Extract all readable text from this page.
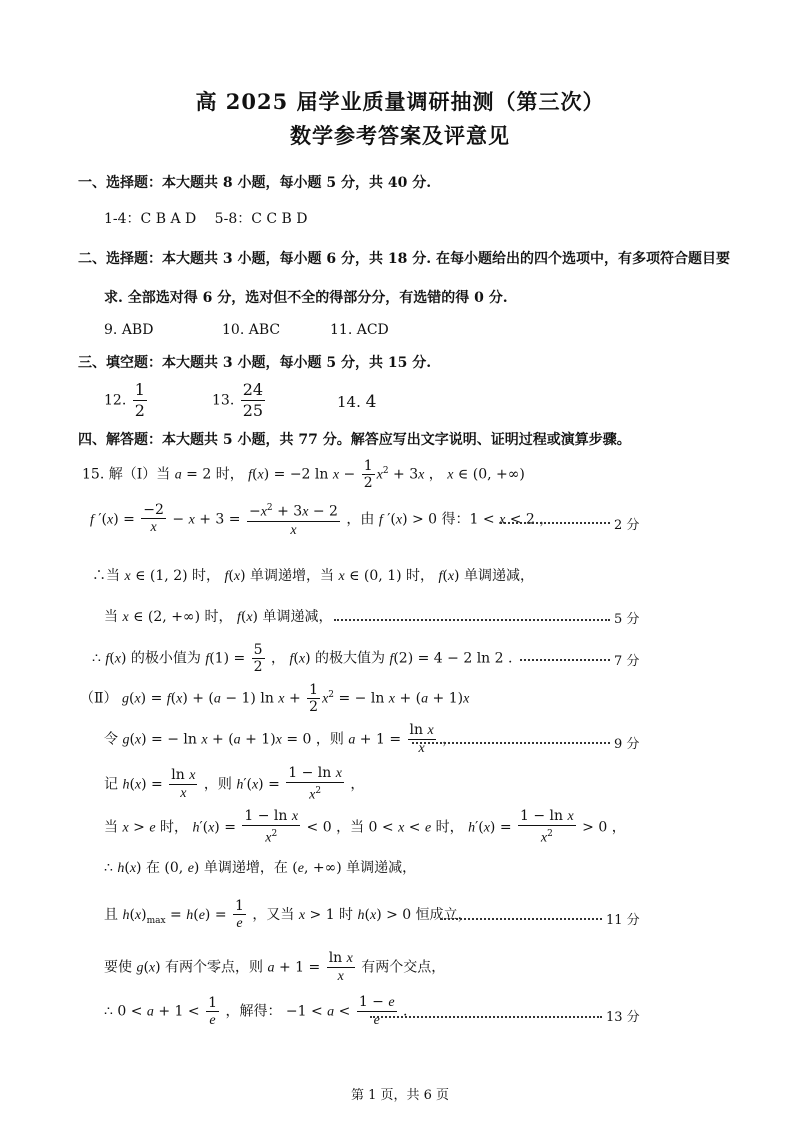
高 2025 届学业质量调研抽测（第三次）
数学参考答案及评意见
一、选择题：本大题共 8 小题，每小题 5 分，共 40 分.
1-4：C B A D　 5-8：C C B D
二、选择题：本大题共 3 小题，每小题 6 分，共 18 分. 在每小题给出的四个选项中，有多项符合题目要
求. 全部选对得 6 分，选对但不全的得部分分，有选错的得 0 分.
9. ABD	10. ABC	11. ACD
三、填空题：本大题共 3 小题，每小题 5 分，共 15 分.
12. $\frac{1}{2}$	13. $\frac{24}{25}$	14. 4
四、解答题：本大题共 5 小题，共 77 分。解答应写出文字说明、证明过程或演算步骤。
15. 解（Ⅰ）当 a = 2 时， f(x) = −2 $\ln x - \frac{1}{2} x^2 + 3x$ ， x ∈ (0, +∞)
f $'(x) = \frac{-2}{x} - x + 3 = \frac{-x^2 + 3x - 2}{x}$ ，由 f ′(x) > 0 得：1 < x < 2 ，	2 分
∴当 x ∈ (1, 2) 时， f(x) 单调递增，当 x ∈ (0, 1) 时， f(x) 单调递减，
当 x ∈ (2, +∞) 时， f(x) 单调递减，	5 分
∴ f(x) 的极小值为 $f(1) = \frac{5}{2}$ ， f(x) 的极大值为 f(2) = 4 − 2 ln 2 .	7 分
（Ⅱ） g(x) = f(x) + (a − 1) $\ln x + \frac{1}{2} x^2$ = − ln x + (a + 1)x
令 g(x) = − ln x + (a + 1)x = 0 ，则 $a + 1 = \frac{\text{ln x}}{x}$ ，	9 分
记 $h(x) = \frac{\text{ln x}}{x}$ ，则 $h'(x) = \frac{\text{1 − ln x}}{x^2}$ ，
当 x > e 时， $h'(x) = \frac{\text{1 − ln x}}{x^2} < 0$ ，当 0 < x < e 时， $h'(x) = \frac{\text{1 − ln x}}{x^2} > 0$ ，
∴ h(x) 在 (0, e) 单调递增，在 (e, +∞) 单调递减，
且 $h(x)_{max} = h(e) = \frac{1}{e}$ ，又当 x > 1 时 h(x) > 0 恒成立，	11 分
要使 g(x) 有两个零点，则 $a + 1 = \frac{\text{ln x}}{x}$ 有两个交点，
∴ $0 < a + 1 < \frac{1}{e}$ ，解得： $-1 < a < \frac{1 - e}{e}$ .	13 分
第 1 页，共 6 页
